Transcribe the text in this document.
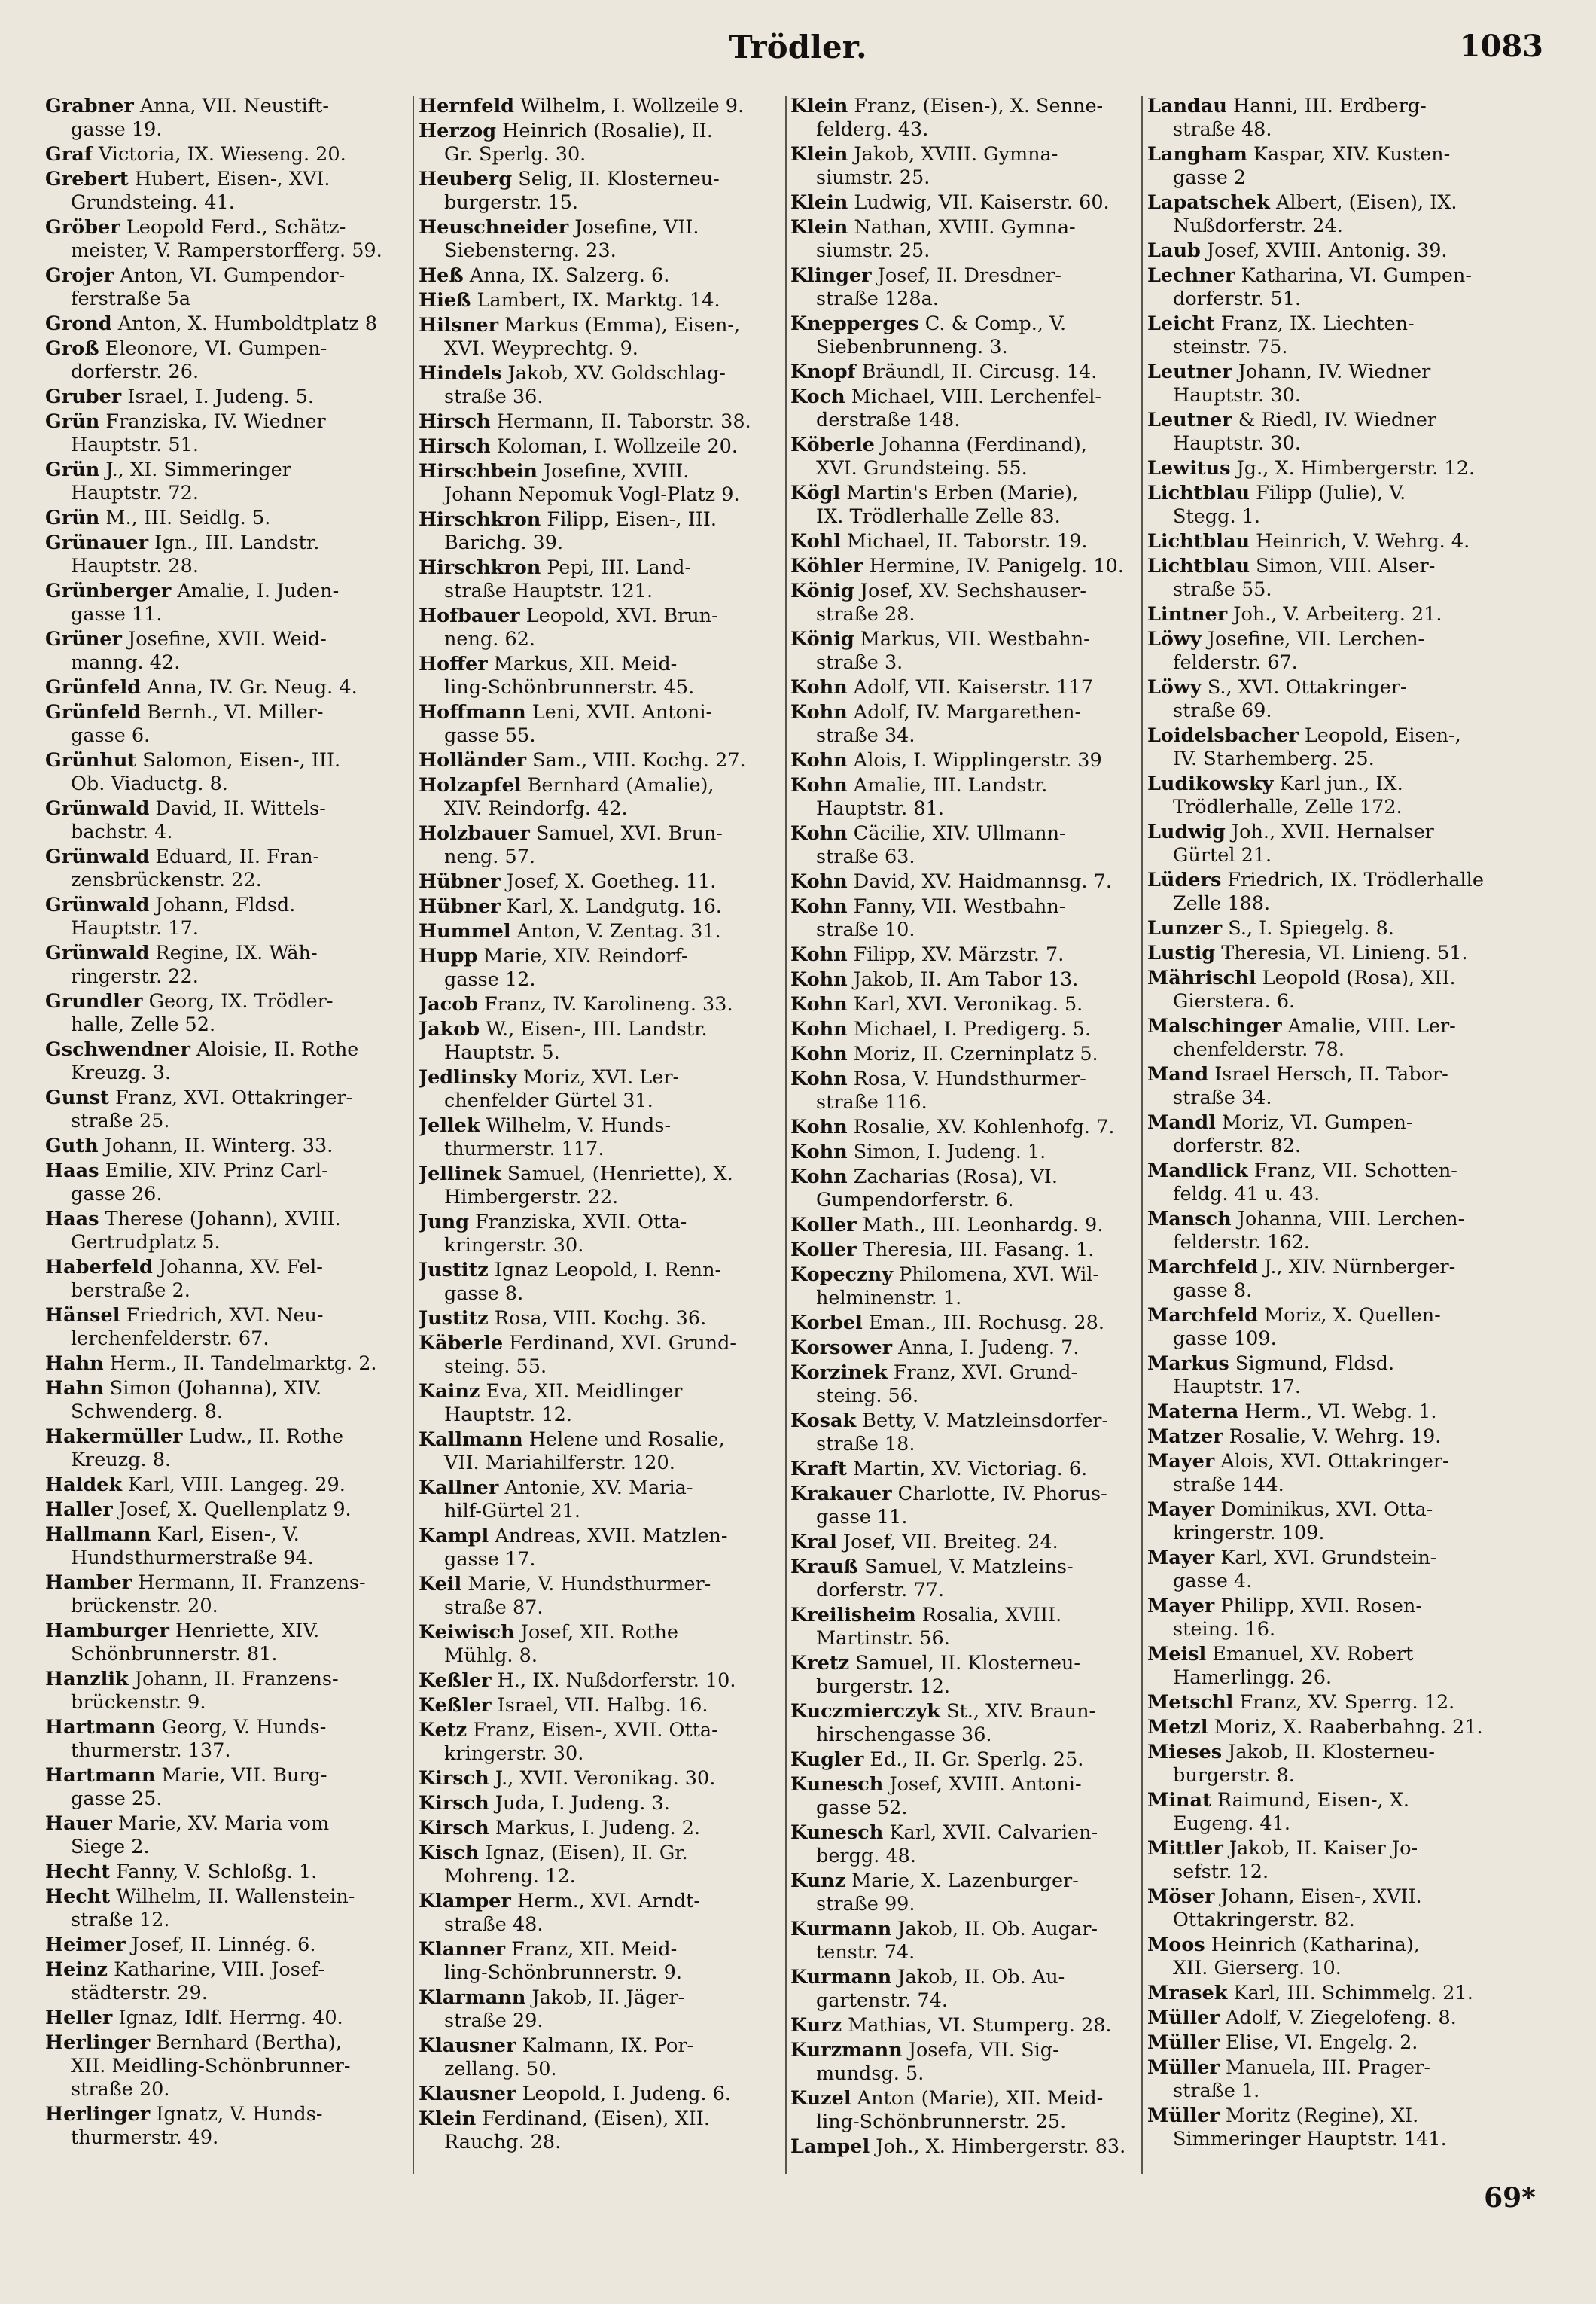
Trödler.	1083
Grabner Anna, VII. Neustift-
gasse 19.
Graf Victoria, IX. Wieseng. 20.
Grebert Hubert, Eisen-, XVI.
Grundsteing. 41.
Gröber Leopold Ferd., Schätz-
meister, V. Ramperstorfferg. 59.
Grojer Anton, VI. Gumpendor-
ferstraße 5a
Grond Anton, X. Humboldtplatz 8
Groß Eleonore, VI. Gumpen-
dorferstr. 26.
Gruber Israel, I. Judeng. 5.
Grün Franziska, IV. Wiedner
Hauptstr. 51.
Grün J., XI. Simmeringer
Hauptstr. 72.
Grün M., III. Seidlg. 5.
Grünauer Ign., III. Landstr.
Hauptstr. 28.
Grünberger Amalie, I. Juden-
gasse 11.
Grüner Josefine, XVII. Weid-
manng. 42.
Grünfeld Anna, IV. Gr. Neug. 4.
Grünfeld Bernh., VI. Miller-
gasse 6.
Grünhut Salomon, Eisen-, III.
Ob. Viaductg. 8.
Grünwald David, II. Wittels-
bachstr. 4.
Grünwald Eduard, II. Fran-
zensbrückenstr. 22.
Grünwald Johann, Fldsd.
Hauptstr. 17.
Grünwald Regine, IX. Wäh-
ringerstr. 22.
Grundler Georg, IX. Trödler-
halle, Zelle 52.
Gschwendner Aloisie, II. Rothe
Kreuzg. 3.
Gunst Franz, XVI. Ottakringer-
straße 25.
Guth Johann, II. Winterg. 33.
Haas Emilie, XIV. Prinz Carl-
gasse 26.
Haas Therese (Johann), XVIII.
Gertrudplatz 5.
Haberfeld Johanna, XV. Fel-
berstraße 2.
Hänsel Friedrich, XVI. Neu-
lerchenfelderstr. 67.
Hahn Herm., II. Tandelmarktg. 2.
Hahn Simon (Johanna), XIV.
Schwenderg. 8.
Hakermüller Ludw., II. Rothe
Kreuzg. 8.
Haldek Karl, VIII. Langeg. 29.
Haller Josef, X. Quellenplatz 9.
Hallmann Karl, Eisen-, V.
Hundsthurmerstraße 94.
Hamber Hermann, II. Franzens-
brückenstr. 20.
Hamburger Henriette, XIV.
Schönbrunnerstr. 81.
Hanzlik Johann, II. Franzens-
brückenstr. 9.
Hartmann Georg, V. Hunds-
thurmerstr. 137.
Hartmann Marie, VII. Burg-
gasse 25.
Hauer Marie, XV. Maria vom
Siege 2.
Hecht Fanny, V. Schloßg. 1.
Hecht Wilhelm, II. Wallenstein-
straße 12.
Heimer Josef, II. Linnég. 6.
Heinz Katharine, VIII. Josef-
städterstr. 29.
Heller Ignaz, Idlf. Herrng. 40.
Herlinger Bernhard (Bertha),
XII. Meidling-Schönbrunner-
straße 20.
Herlinger Ignatz, V. Hunds-
thurmerstr. 49.
Hernfeld Wilhelm, I. Wollzeile 9.
Herzog Heinrich (Rosalie), II.
Gr. Sperlg. 30.
Heuberg Selig, II. Klosterneu-
burgerstr. 15.
Heuschneider Josefine, VII.
Siebensterng. 23.
Heß Anna, IX. Salzerg. 6.
Hieß Lambert, IX. Marktg. 14.
Hilsner Markus (Emma), Eisen-,
XVI. Weyprechtg. 9.
Hindels Jakob, XV. Goldschlag-
straße 36.
Hirsch Hermann, II. Taborstr. 38.
Hirsch Koloman, I. Wollzeile 20.
Hirschbein Josefine, XVIII.
Johann Nepomuk Vogl-Platz 9.
Hirschkron Filipp, Eisen-, III.
Barichg. 39.
Hirschkron Pepi, III. Land-
straße Hauptstr. 121.
Hofbauer Leopold, XVI. Brun-
neng. 62.
Hoffer Markus, XII. Meid-
ling-Schönbrunnerstr. 45.
Hoffmann Leni, XVII. Antoni-
gasse 55.
Holländer Sam., VIII. Kochg. 27.
Holzapfel Bernhard (Amalie),
XIV. Reindorfg. 42.
Holzbauer Samuel, XVI. Brun-
neng. 57.
Hübner Josef, X. Goetheg. 11.
Hübner Karl, X. Landgutg. 16.
Hummel Anton, V. Zentag. 31.
Hupp Marie, XIV. Reindorf-
gasse 12.
Jacob Franz, IV. Karolineng. 33.
Jakob W., Eisen-, III. Landstr.
Hauptstr. 5.
Jedlinsky Moriz, XVI. Ler-
chenfelder Gürtel 31.
Jellek Wilhelm, V. Hunds-
thurmerstr. 117.
Jellinek Samuel, (Henriette), X.
Himbergerstr. 22.
Jung Franziska, XVII. Otta-
kringerstr. 30.
Justitz Ignaz Leopold, I. Renn-
gasse 8.
Justitz Rosa, VIII. Kochg. 36.
Käberle Ferdinand, XVI. Grund-
steing. 55.
Kainz Eva, XII. Meidlinger
Hauptstr. 12.
Kallmann Helene und Rosalie,
VII. Mariahilferstr. 120.
Kallner Antonie, XV. Maria-
hilf-Gürtel 21.
Kampl Andreas, XVII. Matzlen-
gasse 17.
Keil Marie, V. Hundsthurmer-
straße 87.
Keiwisch Josef, XII. Rothe
Mühlg. 8.
Keßler H., IX. Nußdorferstr. 10.
Keßler Israel, VII. Halbg. 16.
Ketz Franz, Eisen-, XVII. Otta-
kringerstr. 30.
Kirsch J., XVII. Veronikag. 30.
Kirsch Juda, I. Judeng. 3.
Kirsch Markus, I. Judeng. 2.
Kisch Ignaz, (Eisen), II. Gr.
Mohreng. 12.
Klamper Herm., XVI. Arndt-
straße 48.
Klanner Franz, XII. Meid-
ling-Schönbrunnerstr. 9.
Klarmann Jakob, II. Jäger-
straße 29.
Klausner Kalmann, IX. Por-
zellang. 50.
Klausner Leopold, I. Judeng. 6.
Klein Ferdinand, (Eisen), XII.
Rauchg. 28.
Klein Franz, (Eisen-), X. Senne-
felderg. 43.
Klein Jakob, XVIII. Gymna-
siumstr. 25.
Klein Ludwig, VII. Kaiserstr. 60.
Klein Nathan, XVIII. Gymna-
siumstr. 25.
Klinger Josef, II. Dresdner-
straße 128a.
Knepperges C. & Comp., V.
Siebenbrunneng. 3.
Knopf Bräundl, II. Circusg. 14.
Koch Michael, VIII. Lerchenfel-
derstraße 148.
Köberle Johanna (Ferdinand),
XVI. Grundsteing. 55.
Kögl Martin's Erben (Marie),
IX. Trödlerhalle Zelle 83.
Kohl Michael, II. Taborstr. 19.
Köhler Hermine, IV. Panigelg. 10.
König Josef, XV. Sechshauser-
straße 28.
König Markus, VII. Westbahn-
straße 3.
Kohn Adolf, VII. Kaiserstr. 117
Kohn Adolf, IV. Margarethen-
straße 34.
Kohn Alois, I. Wipplingerstr. 39
Kohn Amalie, III. Landstr.
Hauptstr. 81.
Kohn Cäcilie, XIV. Ullmann-
straße 63.
Kohn David, XV. Haidmannsg. 7.
Kohn Fanny, VII. Westbahn-
straße 10.
Kohn Filipp, XV. Märzstr. 7.
Kohn Jakob, II. Am Tabor 13.
Kohn Karl, XVI. Veronikag. 5.
Kohn Michael, I. Predigerg. 5.
Kohn Moriz, II. Czerninplatz 5.
Kohn Rosa, V. Hundsthurmer-
straße 116.
Kohn Rosalie, XV. Kohlenhofg. 7.
Kohn Simon, I. Judeng. 1.
Kohn Zacharias (Rosa), VI.
Gumpendorferstr. 6.
Koller Math., III. Leonhardg. 9.
Koller Theresia, III. Fasang. 1.
Kopeczny Philomena, XVI. Wil-
helminenstr. 1.
Korbel Eman., III. Rochusg. 28.
Korsower Anna, I. Judeng. 7.
Korzinek Franz, XVI. Grund-
steing. 56.
Kosak Betty, V. Matzleinsdorfer-
straße 18.
Kraft Martin, XV. Victoriag. 6.
Krakauer Charlotte, IV. Phorus-
gasse 11.
Kral Josef, VII. Breiteg. 24.
Krauß Samuel, V. Matzleins-
dorferstr. 77.
Kreilisheim Rosalia, XVIII.
Martinstr. 56.
Kretz Samuel, II. Klosterneu-
burgerstr. 12.
Kuczmierczyk St., XIV. Braun-
hirschengasse 36.
Kugler Ed., II. Gr. Sperlg. 25.
Kunesch Josef, XVIII. Antoni-
gasse 52.
Kunesch Karl, XVII. Calvarien-
bergg. 48.
Kunz Marie, X. Lazenburger-
straße 99.
Kurmann Jakob, II. Ob. Augar-
tenstr. 74.
Kurmann Jakob, II. Ob. Au-
gartenstr. 74.
Kurz Mathias, VI. Stumperg. 28.
Kurzmann Josefa, VII. Sig-
mundsg. 5.
Kuzel Anton (Marie), XII. Meid-
ling-Schönbrunnerstr. 25.
Lampel Joh., X. Himbergerstr. 83.
Landau Hanni, III. Erdberg-
straße 48.
Langham Kaspar, XIV. Kusten-
gasse 2
Lapatschek Albert, (Eisen), IX.
Nußdorferstr. 24.
Laub Josef, XVIII. Antonig. 39.
Lechner Katharina, VI. Gumpen-
dorferstr. 51.
Leicht Franz, IX. Liechten-
steinstr. 75.
Leutner Johann, IV. Wiedner
Hauptstr. 30.
Leutner & Riedl, IV. Wiedner
Hauptstr. 30.
Lewitus Jg., X. Himbergerstr. 12.
Lichtblau Filipp (Julie), V.
Stegg. 1.
Lichtblau Heinrich, V. Wehrg. 4.
Lichtblau Simon, VIII. Alser-
straße 55.
Lintner Joh., V. Arbeiterg. 21.
Löwy Josefine, VII. Lerchen-
felderstr. 67.
Löwy S., XVI. Ottakringer-
straße 69.
Loidelsbacher Leopold, Eisen-,
IV. Starhemberg. 25.
Ludikowsky Karl jun., IX.
Trödlerhalle, Zelle 172.
Ludwig Joh., XVII. Hernalser
Gürtel 21.
Lüders Friedrich, IX. Trödlerhalle
Zelle 188.
Lunzer S., I. Spiegelg. 8.
Lustig Theresia, VI. Linieng. 51.
Mährischl Leopold (Rosa), XII.
Gierstera. 6.
Malschinger Amalie, VIII. Ler-
chenfelderstr. 78.
Mand Israel Hersch, II. Tabor-
straße 34.
Mandl Moriz, VI. Gumpen-
dorferstr. 82.
Mandlick Franz, VII. Schotten-
feldg. 41 u. 43.
Mansch Johanna, VIII. Lerchen-
felderstr. 162.
Marchfeld J., XIV. Nürnberger-
gasse 8.
Marchfeld Moriz, X. Quellen-
gasse 109.
Markus Sigmund, Fldsd.
Hauptstr. 17.
Materna Herm., VI. Webg. 1.
Matzer Rosalie, V. Wehrg. 19.
Mayer Alois, XVI. Ottakringer-
straße 144.
Mayer Dominikus, XVI. Otta-
kringerstr. 109.
Mayer Karl, XVI. Grundstein-
gasse 4.
Mayer Philipp, XVII. Rosen-
steing. 16.
Meisl Emanuel, XV. Robert
Hamerlingg. 26.
Metschl Franz, XV. Sperrg. 12.
Metzl Moriz, X. Raaberbahng. 21.
Mieses Jakob, II. Klosterneu-
burgerstr. 8.
Minat Raimund, Eisen-, X.
Eugeng. 41.
Mittler Jakob, II. Kaiser Jo-
sefstr. 12.
Möser Johann, Eisen-, XVII.
Ottakringerstr. 82.
Moos Heinrich (Katharina),
XII. Gierserg. 10.
Mrasek Karl, III. Schimmelg. 21.
Müller Adolf, V. Ziegelofeng. 8.
Müller Elise, VI. Engelg. 2.
Müller Manuela, III. Prager-
straße 1.
Müller Moritz (Regine), XI.
Simmeringer Hauptstr. 141.
69*
